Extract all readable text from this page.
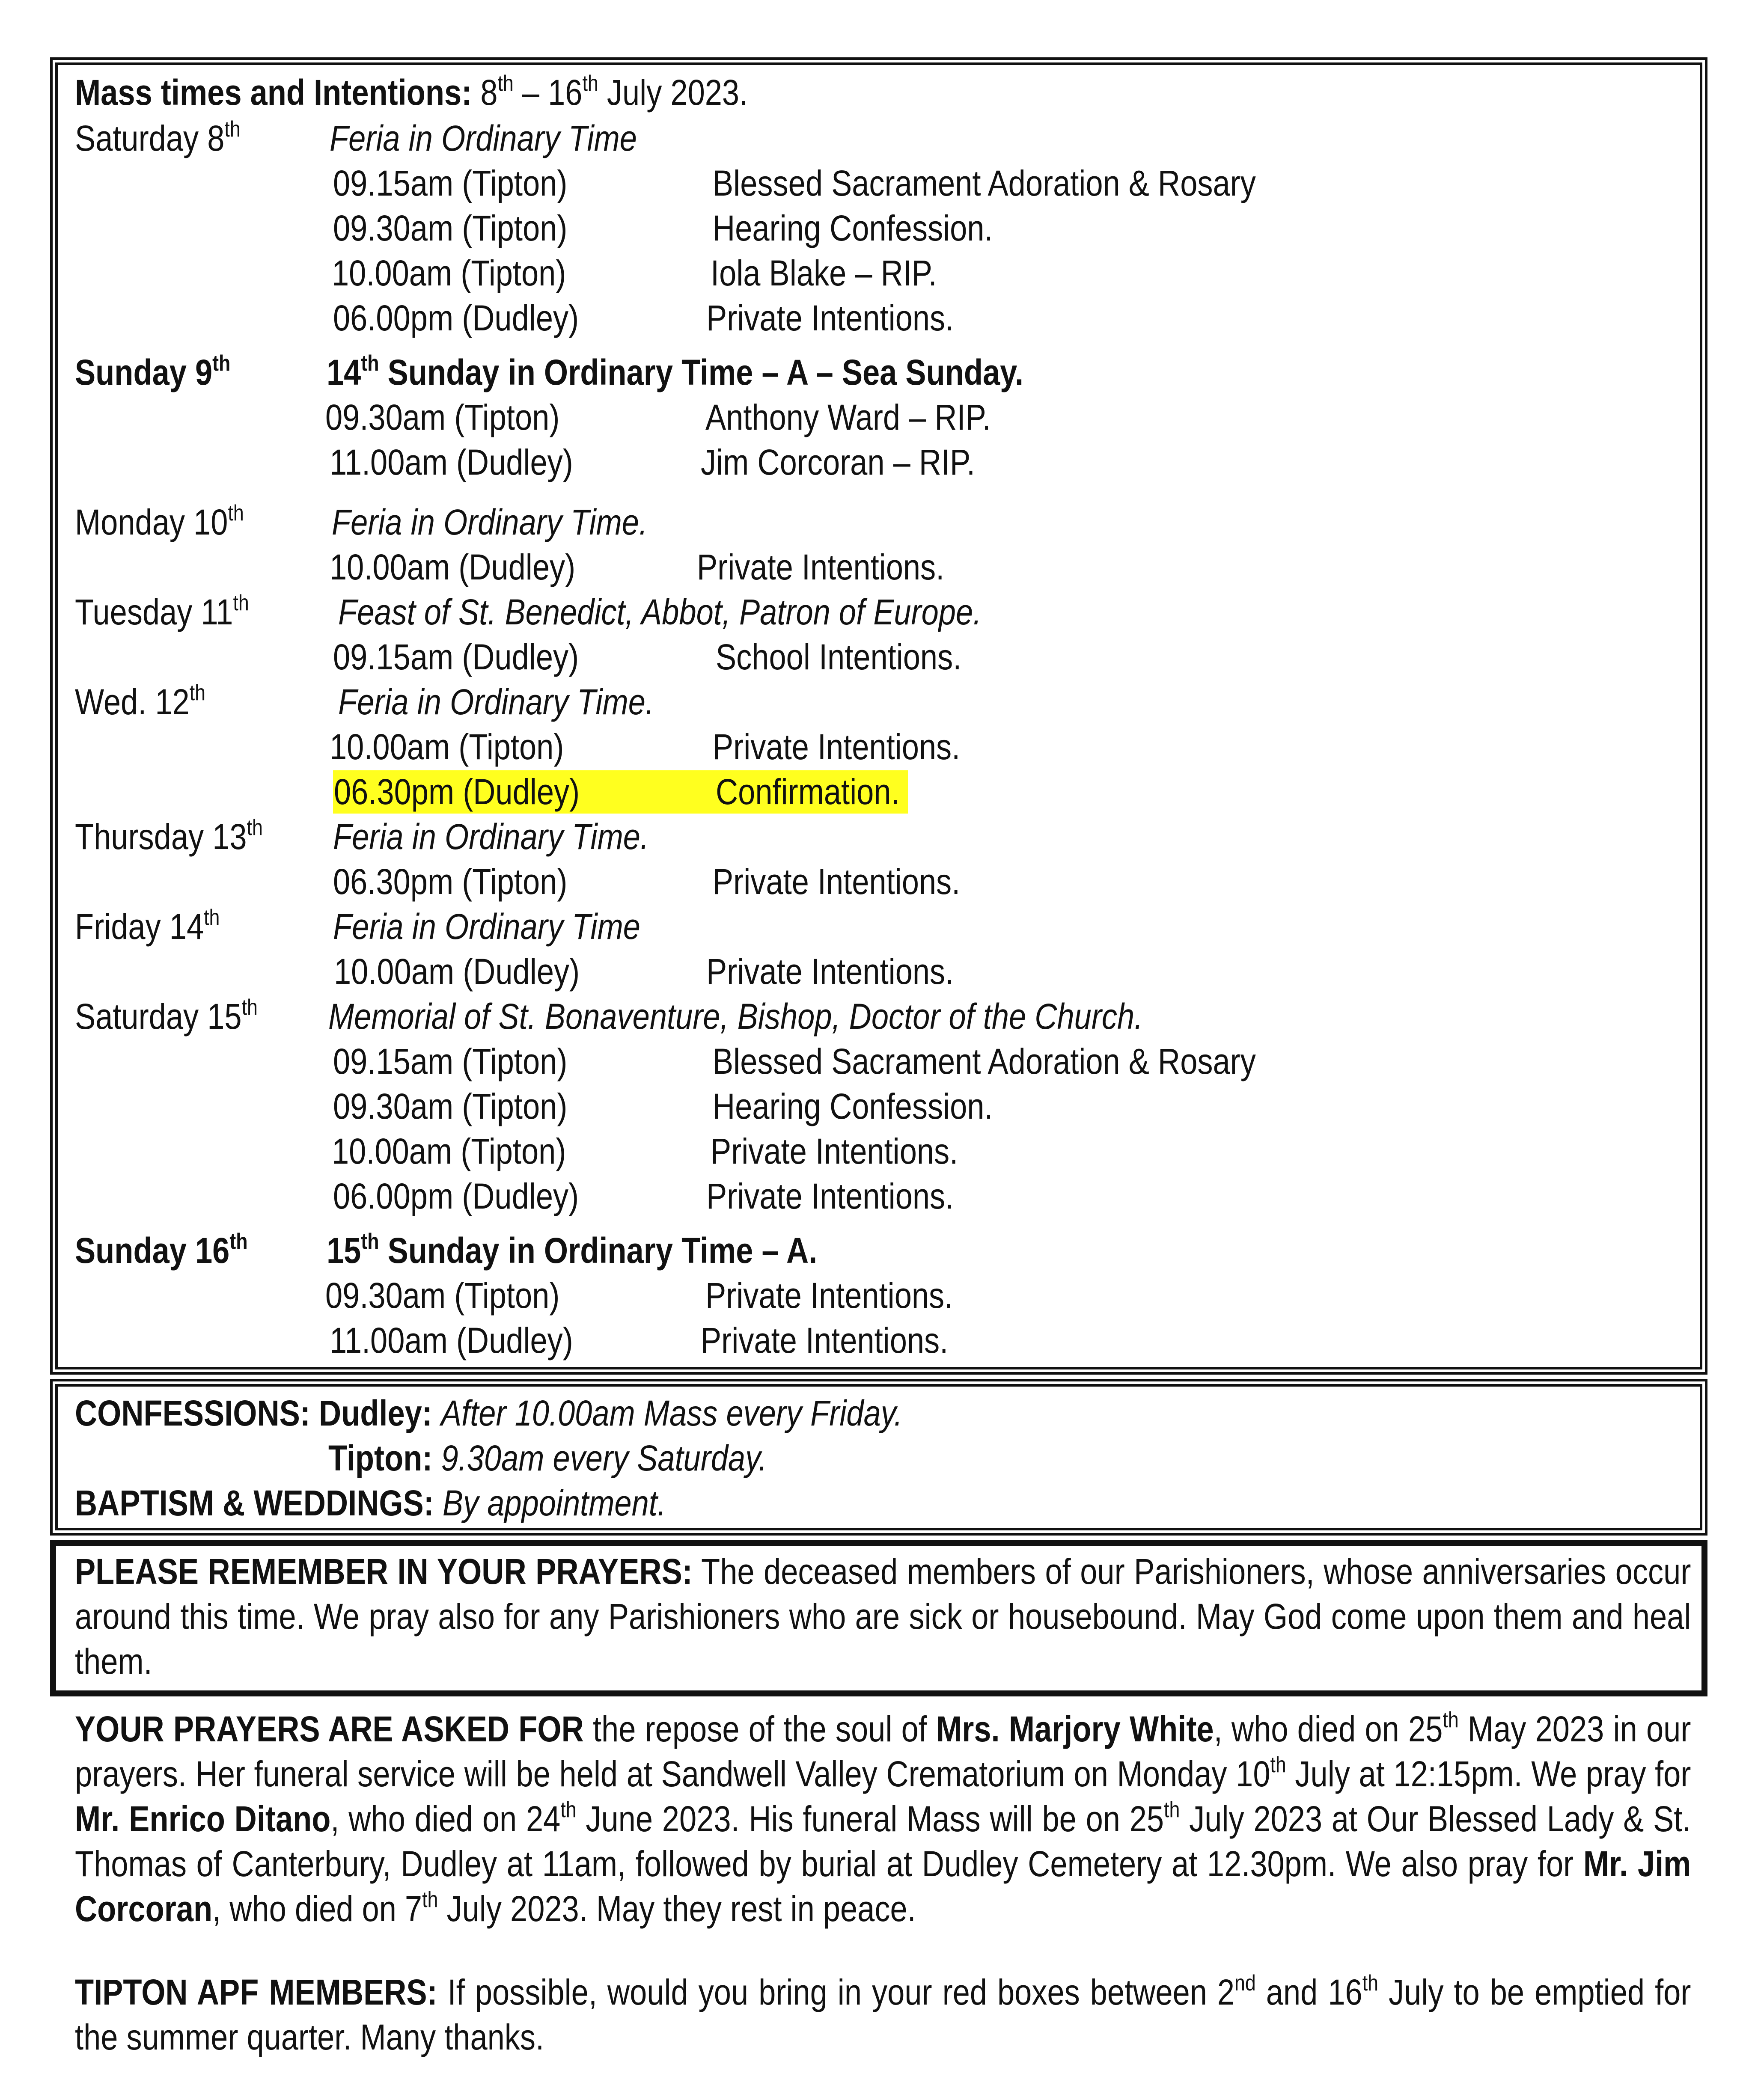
Mass times and Intentions: 8th – 16th July 2023.
Saturday 8th Feria in Ordinary Time
09.15am (Tipton)	Blessed Sacrament Adoration & Rosary
09.30am (Tipton)	Hearing Confession.
10.00am (Tipton)	Iola Blake – RIP.
06.00pm (Dudley)	Private Intentions.
Sunday 9th	14th Sunday in Ordinary Time – A – Sea Sunday.
09.30am (Tipton)	Anthony Ward – RIP.
11.00am (Dudley)	Jim Corcoran – RIP.
Monday 10th Feria in Ordinary Time.
10.00am (Dudley)	Private Intentions.
Tuesday 11th Feast of St. Benedict, Abbot, Patron of Europe.
09.15am (Dudley)	School Intentions.
Wed. 12th	Feria in Ordinary Time.
10.00am (Tipton)	Private Intentions.
06.30pm (Dudley)	Confirmation.
Thursday 13th Feria in Ordinary Time.
06.30pm (Tipton)	Private Intentions.
Friday 14th	Feria in Ordinary Time
10.00am (Dudley)	Private Intentions.
Saturday 15th Memorial of St. Bonaventure, Bishop, Doctor of the Church.
09.15am (Tipton)	Blessed Sacrament Adoration & Rosary
09.30am (Tipton)	Hearing Confession.
10.00am (Tipton)	Private Intentions.
06.00pm (Dudley)	Private Intentions.
Sunday 16th 15th Sunday in Ordinary Time – A.
09.30am (Tipton)	Private Intentions.
11.00am (Dudley)	Private Intentions.
CONFESSIONS: Dudley: After 10.00am Mass every Friday.
Tipton: 9.30am every Saturday.
BAPTISM & WEDDINGS: By appointment.
PLEASE REMEMBER IN YOUR PRAYERS: The deceased members of our Parishioners, whose anniversaries occur around this time. We pray also for any Parishioners who are sick or housebound. May God come upon them and heal them.
YOUR PRAYERS ARE ASKED FOR the repose of the soul of Mrs. Marjory White, who died on 25th May 2023 in our prayers. Her funeral service will be held at Sandwell Valley Crematorium on Monday 10th July at 12:15pm. We pray for Mr. Enrico Ditano, who died on 24th June 2023. His funeral Mass will be on 25th July 2023 at Our Blessed Lady & St. Thomas of Canterbury, Dudley at 11am, followed by burial at Dudley Cemetery at 12.30pm. We also pray for Mr. Jim Corcoran, who died on 7th July 2023. May they rest in peace.
TIPTON APF MEMBERS: If possible, would you bring in your red boxes between 2nd and 16th July to be emptied for the summer quarter. Many thanks.
